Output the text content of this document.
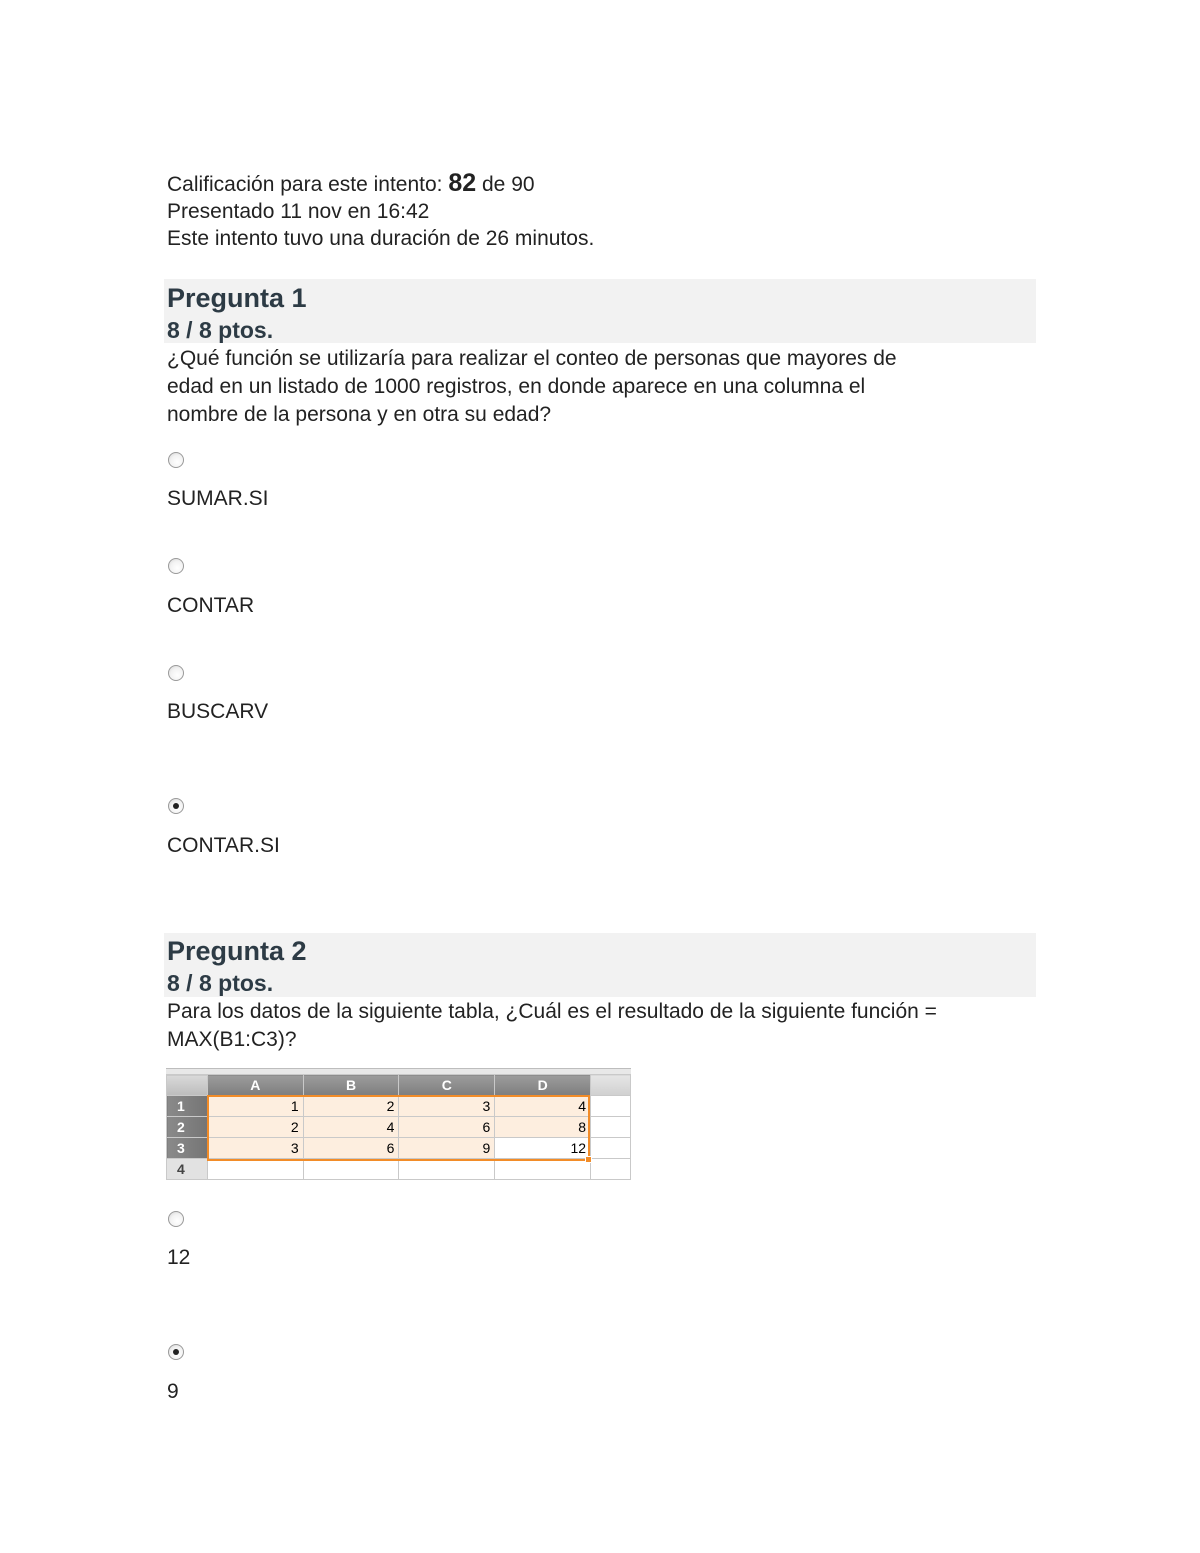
Calificación para este intento: 82 de 90
Presentado 11 nov en 16:42
Este intento tuvo una duración de 26 minutos.
Pregunta 1
8 / 8 ptos.
¿Qué función se utilizaría para realizar el conteo de personas que mayores de
edad en un listado de 1000 registros, en donde aparece en una columna el
nombre de la persona y en otra su edad?
SUMAR.SI
CONTAR
BUSCARV
CONTAR.SI
Pregunta 2
8 / 8 ptos.
Para los datos de la siguiente tabla, ¿Cuál es el resultado de la siguiente función =
MAX(B1:C3)?
	A	B	C	D	
1	1	2	3	4	
2	2	4	6	8	
3	3	6	9	12	
4					
12
9
